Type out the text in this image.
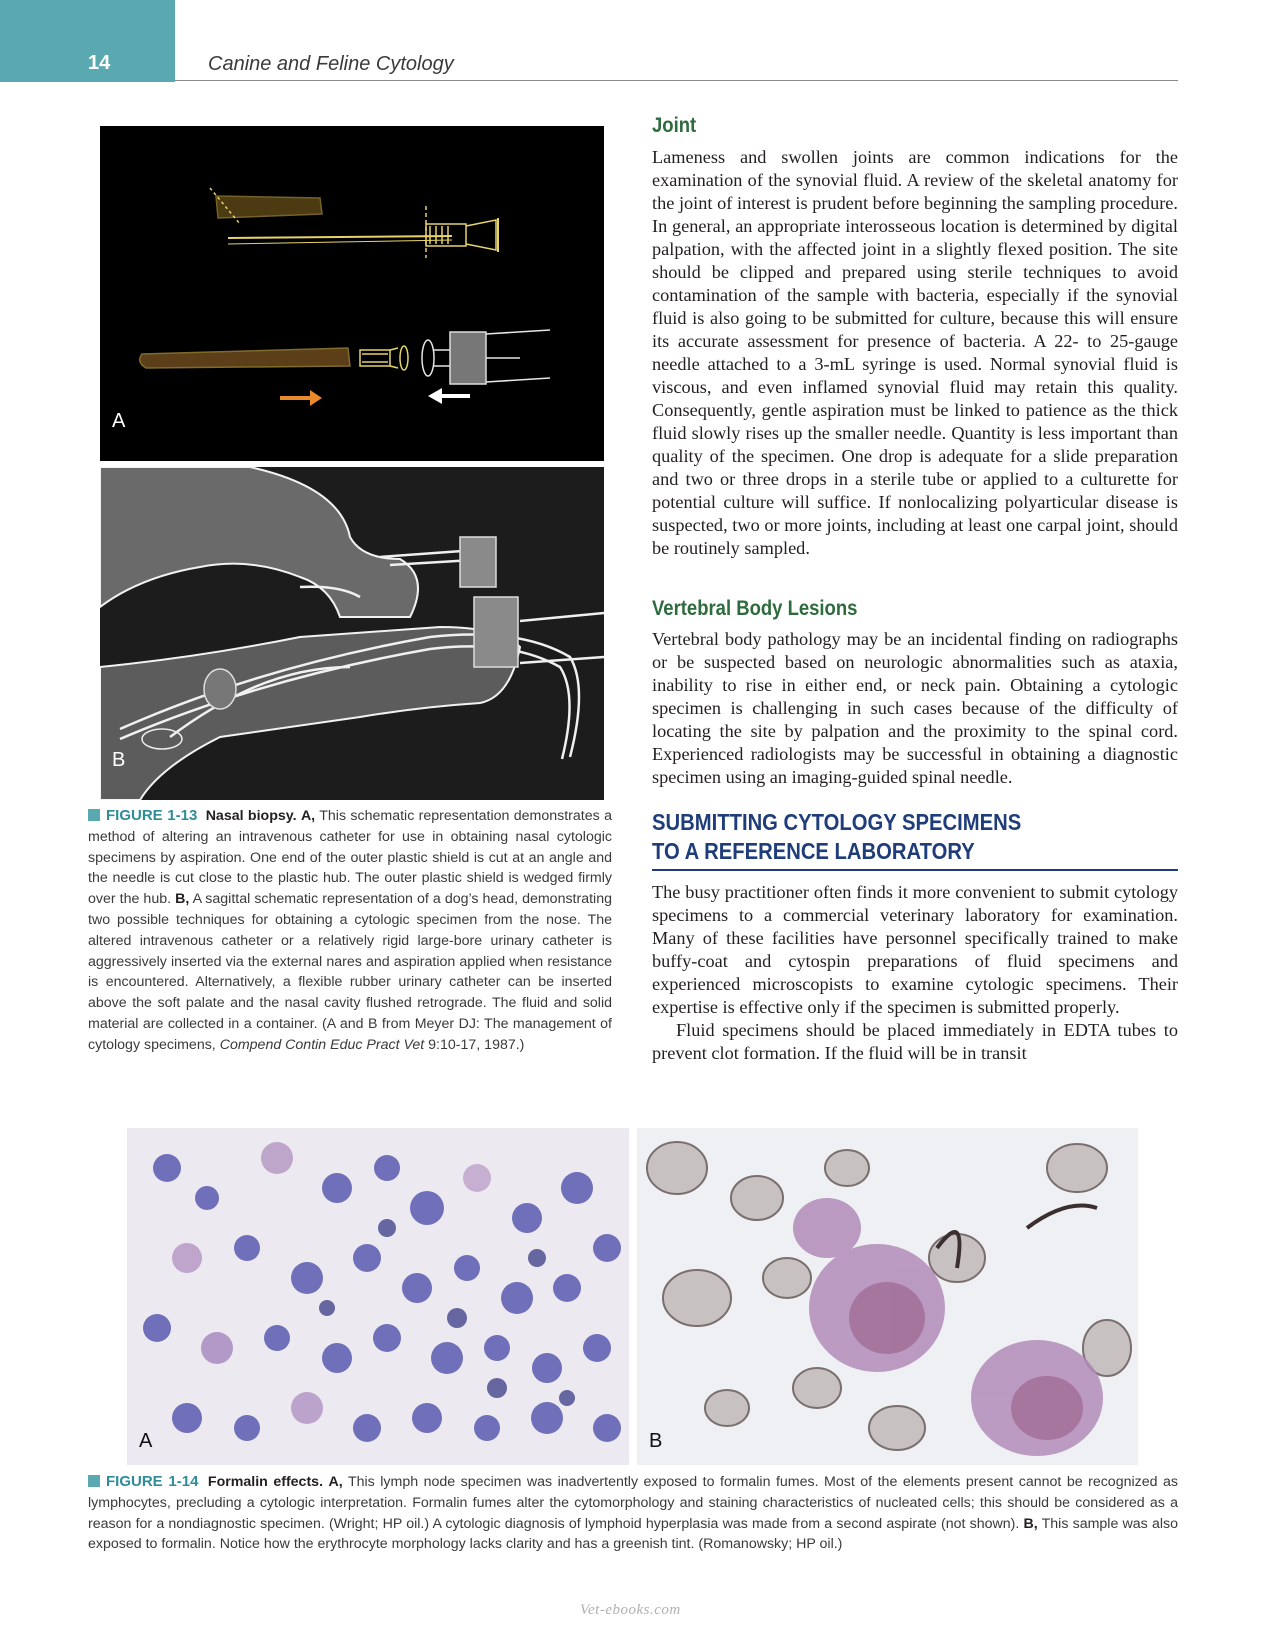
14	Canine and Feline Cytology
A
B
FIGURE 1-13 Nasal biopsy. A, This schematic representation demonstrates a method of altering an intravenous catheter for use in obtaining nasal cytologic specimens by aspiration. One end of the outer plastic shield is cut at an angle and the needle is cut close to the plastic hub. The outer plastic shield is wedged firmly over the hub. B, A sagittal schematic representation of a dog’s head, demonstrating two possible techniques for obtaining a cytologic specimen from the nose. The altered intravenous catheter or a relatively rigid large-bore urinary catheter is aggressively inserted via the external nares and aspiration applied when resistance is encountered. Alternatively, a flexible rubber urinary catheter can be inserted above the soft palate and the nasal cavity flushed retrograde. The fluid and solid material are collected in a container. (A and B from Meyer DJ: The management of cytology specimens, Compend Contin Educ Pract Vet 9:10-17, 1987.)
Joint

Lameness and swollen joints are common indications for the examination of the synovial fluid. A review of the skeletal anatomy for the joint of interest is prudent before beginning the sampling procedure. In general, an appropriate interosseous location is determined by digital palpation, with the affected joint in a slightly flexed position. The site should be clipped and prepared using sterile techniques to avoid contamination of the sample with bacteria, especially if the synovial fluid is also going to be submitted for culture, because this will ensure its accurate assessment for presence of bacteria. A 22- to 25-gauge needle attached to a 3-mL syringe is used. Normal synovial fluid is viscous, and even inflamed synovial fluid may retain this quality. Consequently, gentle aspiration must be linked to patience as the thick fluid slowly rises up the smaller needle. Quantity is less important than quality of the specimen. One drop is adequate for a slide preparation and two or three drops in a sterile tube or applied to a culturette for potential culture will suffice. If nonlocalizing polyarticular disease is suspected, two or more joints, including at least one carpal joint, should be routinely sampled.

Vertebral Body Lesions

Vertebral body pathology may be an incidental finding on radiographs or be suspected based on neurologic abnormalities such as ataxia, inability to rise in either end, or neck pain. Obtaining a cytologic specimen is challenging in such cases because of the difficulty of locating the site by palpation and the proximity to the spinal cord. Experienced radiologists may be successful in obtaining a diagnostic specimen using an imaging-guided spinal needle.

SUBMITTING CYTOLOGY SPECIMENS
TO A REFERENCE LABORATORY

The busy practitioner often finds it more convenient to submit cytology specimens to a commercial veterinary laboratory for examination. Many of these facilities have personnel specifically trained to make buffy-coat and cytospin preparations of fluid specimens and experienced microscopists to examine cytologic specimens. Their expertise is effective only if the specimen is submitted properly.

Fluid specimens should be placed immediately in EDTA tubes to prevent clot formation. If the fluid will be in transit

A	B
FIGURE 1-14 Formalin effects. A, This lymph node specimen was inadvertently exposed to formalin fumes. Most of the elements present cannot be recognized as lymphocytes, precluding a cytologic interpretation. Formalin fumes alter the cytomorphology and staining characteristics of nucleated cells; this should be considered as a reason for a nondiagnostic specimen. (Wright; HP oil.) A cytologic diagnosis of lymphoid hyperplasia was made from a second aspirate (not shown). B, This sample was also exposed to formalin. Notice how the erythrocyte morphology lacks clarity and has a greenish tint. (Romanowsky; HP oil.)
Vet-ebooks.com
